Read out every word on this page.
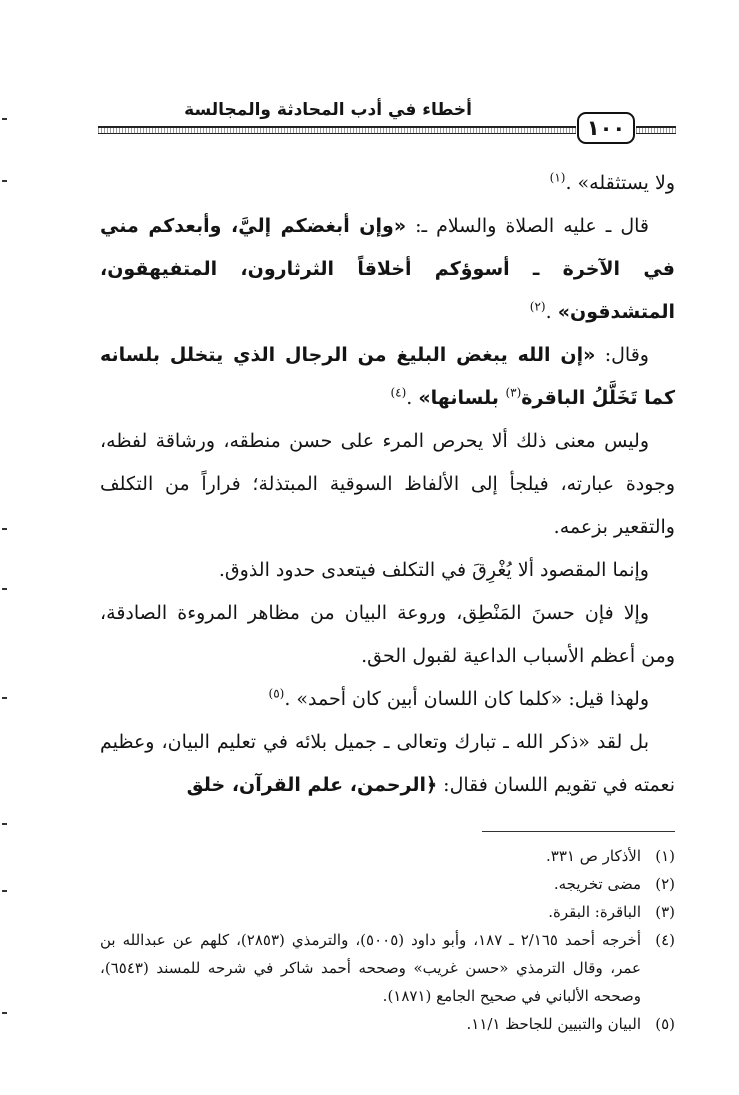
أخطاء في أدب المحادثة والمجالسة
١٠٠

ولا يستثقله» .$^{(١)}$

قال ـ عليه الصلاة والسلام ـ: «وإن أبغضكم إليَّ، وأبعدكم مني في الآخرة ـ أسوؤكم أخلاقاً الثرثارون، المتفيهقون، المتشدقون» .$^{(٢)}$

وقال: «إن الله يبغض البليغ من الرجال الذي يتخلل بلسانه كما تَخَلَّلُ الباقرة$^{(٣)}$ بلسانها» .$^{(٤)}$

وليس معنى ذلك ألا يحرص المرء على حسن منطقه، ورشاقة لفظه، وجودة عبارته، فيلجأ إلى الألفاظ السوقية المبتذلة؛ فراراً من التكلف والتقعير بزعمه.

وإنما المقصود ألا يُغْرِقَ في التكلف فيتعدى حدود الذوق.

وإلا فإن حسنَ المَنْطِق، وروعة البيان من مظاهر المروءة الصادقة، ومن أعظم الأسباب الداعية لقبول الحق.

ولهذا قيل: «كلما كان اللسان أبين كان أحمد» .$^{(٥)}$

بل لقد «ذكر الله ـ تبارك وتعالى ـ جميل بلائه في تعليم البيان، وعظيم نعمته في تقويم اللسان فقال: ﴿الرحمن، علم القرآن، خلق

(١)
الأذكار ص ٣٣١.
(٢)
مضى تخريجه.
(٣)
الباقرة: البقرة.
(٤)
أخرجه أحمد ٢/١٦٥ ـ ١٨٧، وأبو داود (٥٠٠٥)، والترمذي (٢٨٥٣)، كلهم عن عبدالله بن عمر، وقال الترمذي «حسن غريب» وصححه أحمد شاكر في شرحه للمسند (٦٥٤٣)، وصححه الألباني في صحيح الجامع (١٨٧١).
(٥)
البيان والتبيين للجاحظ ١١/١.
